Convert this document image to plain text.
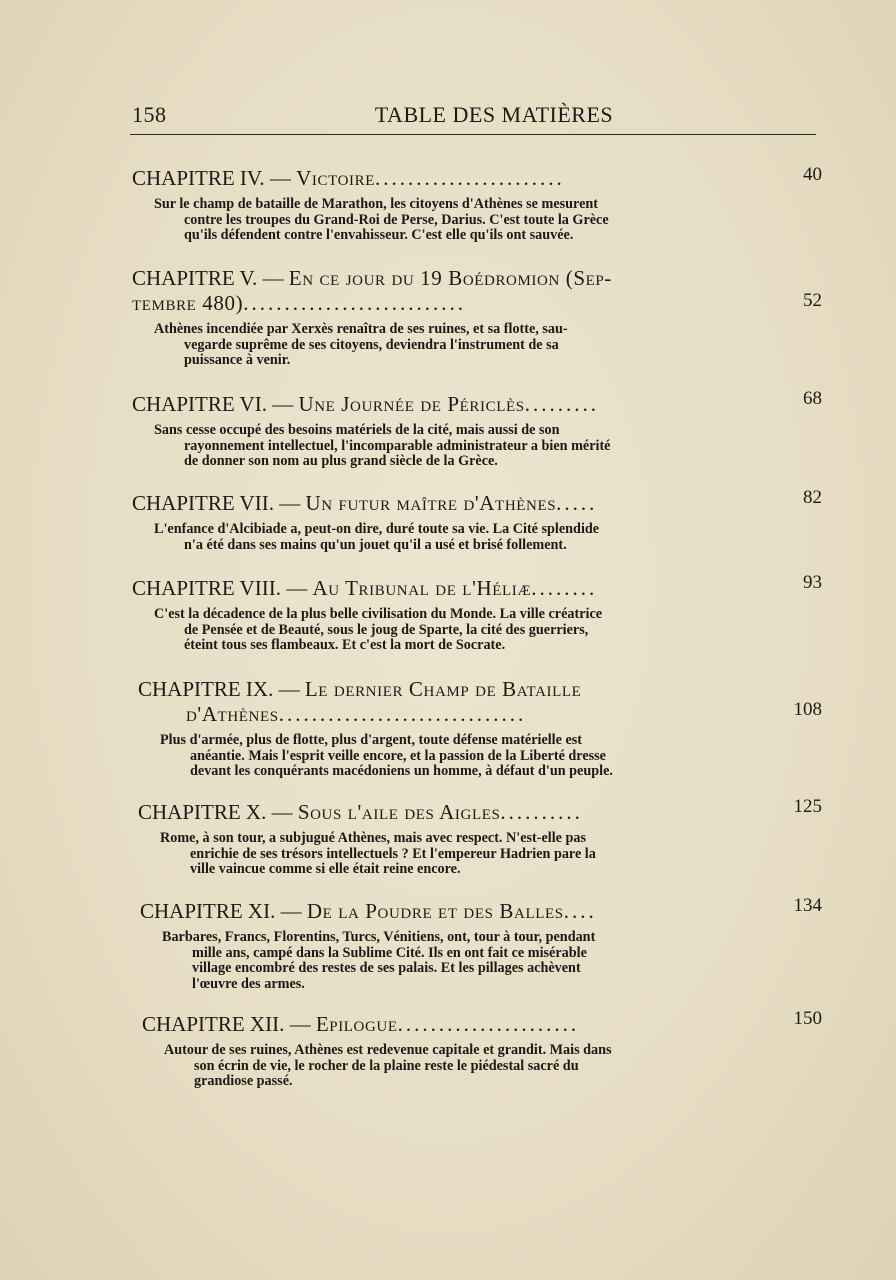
158	TABLE DES MATIÈRES
CHAPITRE IV. — Victoire.......................	40
Sur le champ de bataille de Marathon, les citoyens d'Athènes se mesurent
contre les troupes du Grand-Roi de Perse, Darius. C'est toute la Grèce
qu'ils défendent contre l'envahisseur. C'est elle qu'ils ont sauvée.
CHAPITRE V. — En ce jour du 19 Boédromion (Sep-
tembre 480)...........................	52
Athènes incendiée par Xerxès renaîtra de ses ruines, et sa flotte, sau-
vegarde suprême de ses citoyens, deviendra l'instrument de sa
puissance à venir.
CHAPITRE VI. — Une Journée de Périclès.........	68
Sans cesse occupé des besoins matériels de la cité, mais aussi de son
rayonnement intellectuel, l'incomparable administrateur a bien mérité
de donner son nom au plus grand siècle de la Grèce.
CHAPITRE VII. — Un futur maître d'Athènes.....	82
L'enfance d'Alcibiade a, peut-on dire, duré toute sa vie. La Cité splendide
n'a été dans ses mains qu'un jouet qu'il a usé et brisé follement.
CHAPITRE VIII. — Au Tribunal de l'Héliæ........	93
C'est la décadence de la plus belle civilisation du Monde. La ville créatrice
de Pensée et de Beauté, sous le joug de Sparte, la cité des guerriers,
éteint tous ses flambeaux. Et c'est la mort de Socrate.
CHAPITRE IX. — Le dernier Champ de Bataille
d'Athènes..............................	108
Plus d'armée, plus de flotte, plus d'argent, toute défense matérielle est
anéantie. Mais l'esprit veille encore, et la passion de la Liberté dresse
devant les conquérants macédoniens un homme, à défaut d'un peuple.
CHAPITRE X. — Sous l'aile des Aigles..........	125
Rome, à son tour, a subjugué Athènes, mais avec respect. N'est-elle pas
enrichie de ses trésors intellectuels ? Et l'empereur Hadrien pare la
ville vaincue comme si elle était reine encore.
CHAPITRE XI. — De la Poudre et des Balles....	134
Barbares, Francs, Florentins, Turcs, Vénitiens, ont, tour à tour, pendant
mille ans, campé dans la Sublime Cité. Ils en ont fait ce misérable
village encombré des restes de ses palais. Et les pillages achèvent
l'œuvre des armes.
CHAPITRE XII. — Epilogue......................	150
Autour de ses ruines, Athènes est redevenue capitale et grandit. Mais dans
son écrin de vie, le rocher de la plaine reste le piédestal sacré du
grandiose passé.
